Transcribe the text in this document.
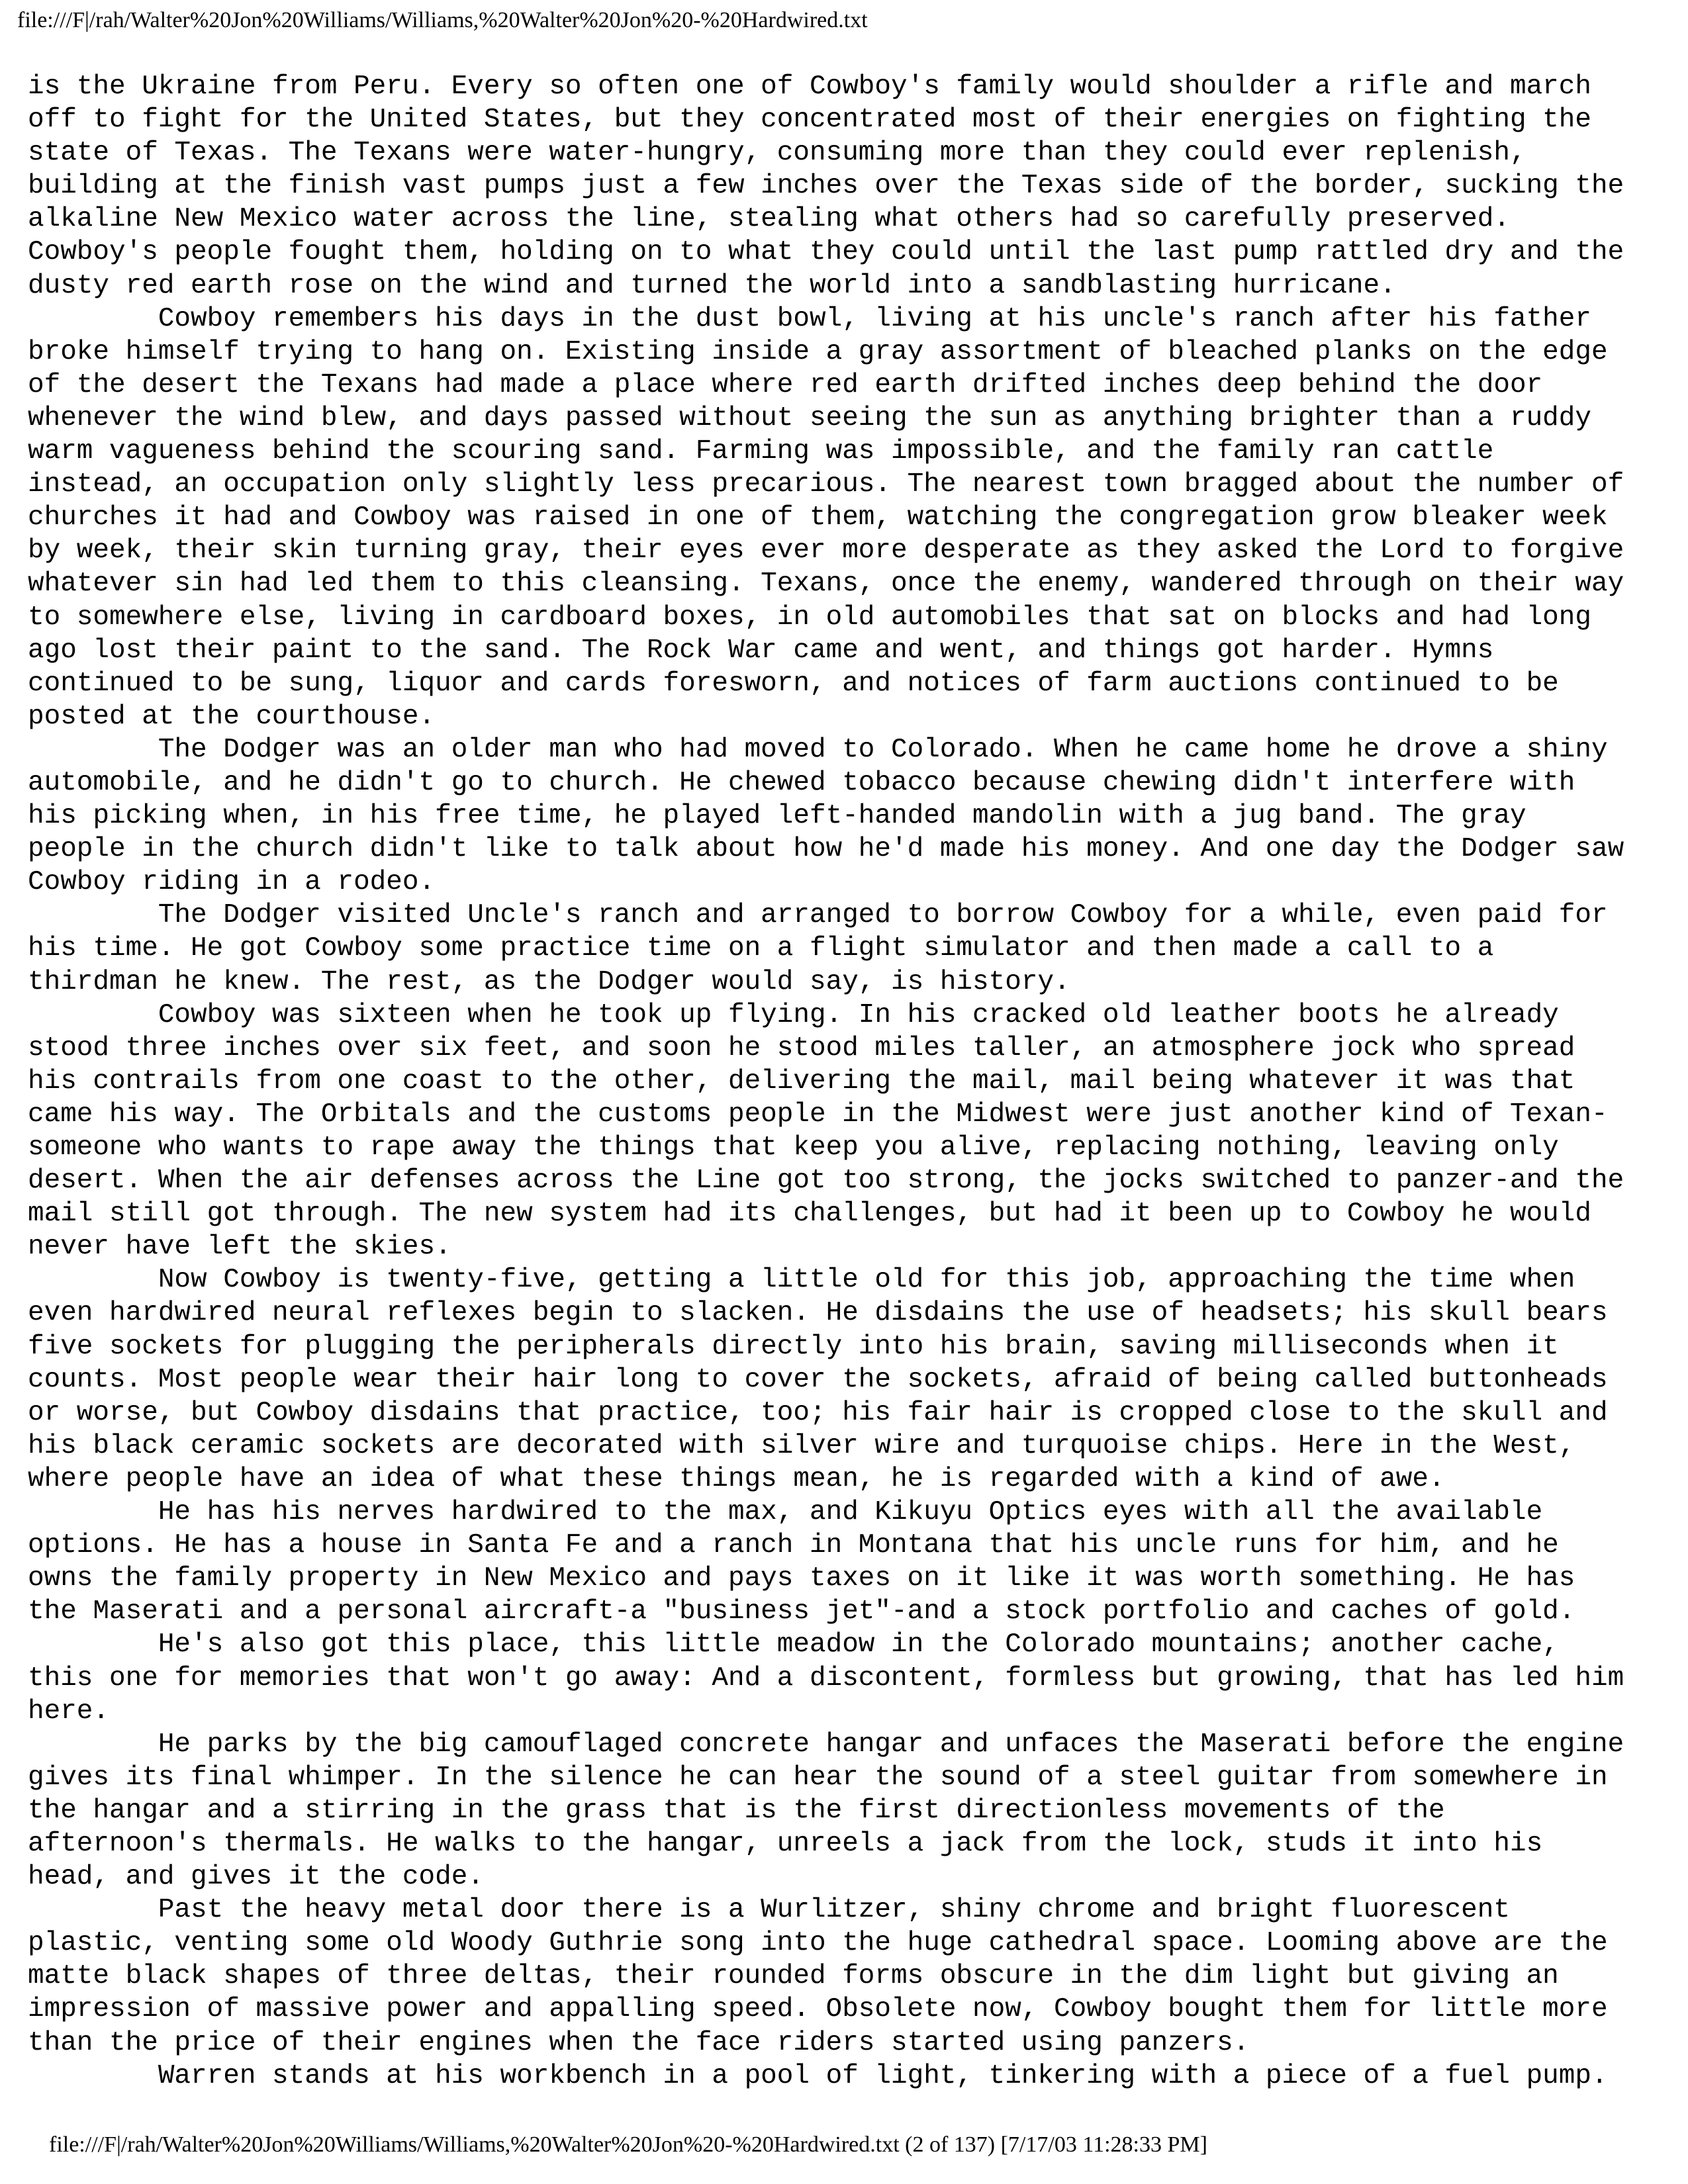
file:///F|/rah/Walter%20Jon%20Williams/Williams,%20Walter%20Jon%20-%20Hardwired.txt
is the Ukraine from Peru. Every so often one of Cowboy's family would shoulder a rifle and march
off to fight for the United States, but they concentrated most of their energies on fighting the
state of Texas. The Texans were water-hungry, consuming more than they could ever replenish,
building at the finish vast pumps just a few inches over the Texas side of the border, sucking the
alkaline New Mexico water across the line, stealing what others had so carefully preserved.
Cowboy's people fought them, holding on to what they could until the last pump rattled dry and the
dusty red earth rose on the wind and turned the world into a sandblasting hurricane.
Cowboy remembers his days in the dust bowl, living at his uncle's ranch after his father
broke himself trying to hang on. Existing inside a gray assortment of bleached planks on the edge
of the desert the Texans had made a place where red earth drifted inches deep behind the door
whenever the wind blew, and days passed without seeing the sun as anything brighter than a ruddy
warm vagueness behind the scouring sand. Farming was impossible, and the family ran cattle
instead, an occupation only slightly less precarious. The nearest town bragged about the number of
churches it had and Cowboy was raised in one of them, watching the congregation grow bleaker week
by week, their skin turning gray, their eyes ever more desperate as they asked the Lord to forgive
whatever sin had led them to this cleansing. Texans, once the enemy, wandered through on their way
to somewhere else, living in cardboard boxes, in old automobiles that sat on blocks and had long
ago lost their paint to the sand. The Rock War came and went, and things got harder. Hymns
continued to be sung, liquor and cards foresworn, and notices of farm auctions continued to be
posted at the courthouse.
The Dodger was an older man who had moved to Colorado. When he came home he drove a shiny
automobile, and he didn't go to church. He chewed tobacco because chewing didn't interfere with
his picking when, in his free time, he played left-handed mandolin with a jug band. The gray
people in the church didn't like to talk about how he'd made his money. And one day the Dodger saw
Cowboy riding in a rodeo.
The Dodger visited Uncle's ranch and arranged to borrow Cowboy for a while, even paid for
his time. He got Cowboy some practice time on a flight simulator and then made a call to a
thirdman he knew. The rest, as the Dodger would say, is history.
Cowboy was sixteen when he took up flying. In his cracked old leather boots he already
stood three inches over six feet, and soon he stood miles taller, an atmosphere jock who spread
his contrails from one coast to the other, delivering the mail, mail being whatever it was that
came his way. The Orbitals and the customs people in the Midwest were just another kind of Texan-
someone who wants to rape away the things that keep you alive, replacing nothing, leaving only
desert. When the air defenses across the Line got too strong, the jocks switched to panzer-and the
mail still got through. The new system had its challenges, but had it been up to Cowboy he would
never have left the skies.
Now Cowboy is twenty-five, getting a little old for this job, approaching the time when
even hardwired neural reflexes begin to slacken. He disdains the use of headsets; his skull bears
five sockets for plugging the peripherals directly into his brain, saving milliseconds when it
counts. Most people wear their hair long to cover the sockets, afraid of being called buttonheads
or worse, but Cowboy disdains that practice, too; his fair hair is cropped close to the skull and
his black ceramic sockets are decorated with silver wire and turquoise chips. Here in the West,
where people have an idea of what these things mean, he is regarded with a kind of awe.
He has his nerves hardwired to the max, and Kikuyu Optics eyes with all the available
options. He has a house in Santa Fe and a ranch in Montana that his uncle runs for him, and he
owns the family property in New Mexico and pays taxes on it like it was worth something. He has
the Maserati and a personal aircraft-a "business jet"-and a stock portfolio and caches of gold.
He's also got this place, this little meadow in the Colorado mountains; another cache,
this one for memories that won't go away: And a discontent, formless but growing, that has led him
here.
He parks by the big camouflaged concrete hangar and unfaces the Maserati before the engine
gives its final whimper. In the silence he can hear the sound of a steel guitar from somewhere in
the hangar and a stirring in the grass that is the first directionless movements of the
afternoon's thermals. He walks to the hangar, unreels a jack from the lock, studs it into his
head, and gives it the code.
Past the heavy metal door there is a Wurlitzer, shiny chrome and bright fluorescent
plastic, venting some old Woody Guthrie song into the huge cathedral space. Looming above are the
matte black shapes of three deltas, their rounded forms obscure in the dim light but giving an
impression of massive power and appalling speed. Obsolete now, Cowboy bought them for little more
than the price of their engines when the face riders started using panzers.
Warren stands at his workbench in a pool of light, tinkering with a piece of a fuel pump.
file:///F|/rah/Walter%20Jon%20Williams/Williams,%20Walter%20Jon%20-%20Hardwired.txt (2 of 137) [7/17/03 11:28:33 PM]
